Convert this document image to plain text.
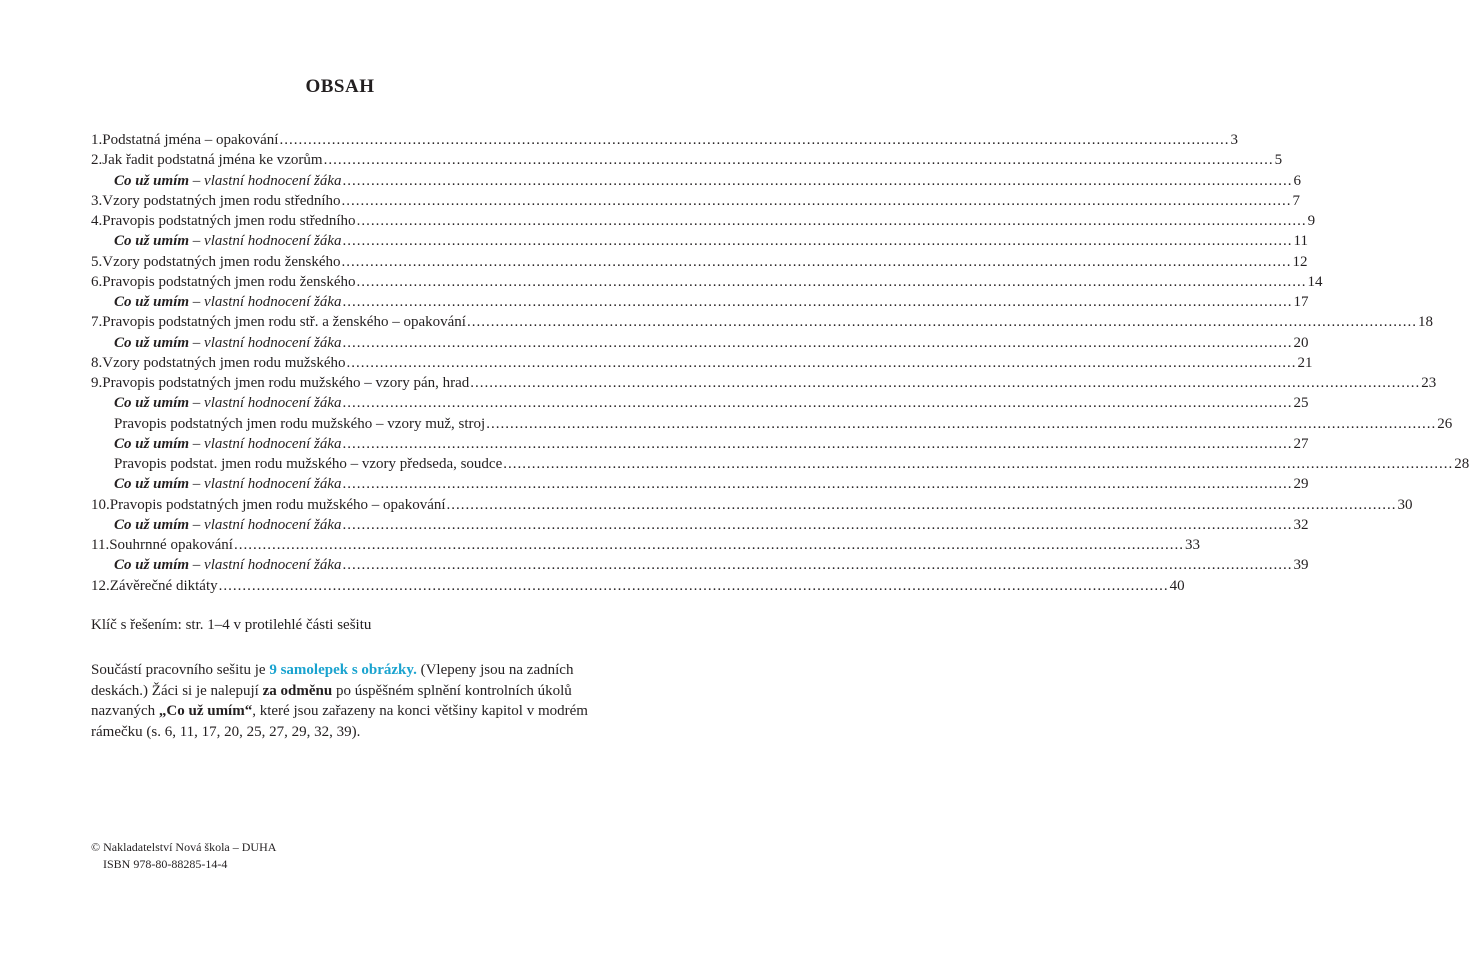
OBSAH
1.Podstatná jména – opakování ........................................................................................................................................................................................................ 3
2.Jak řadit podstatná jména ke vzorům ........................................................................................................................................................................................................ 5
Co už umím – vlastní hodnocení žáka ........................................................................................................................................................................................................ 6
3.Vzory podstatných jmen rodu středního ........................................................................................................................................................................................................ 7
4.Pravopis podstatných jmen rodu středního ........................................................................................................................................................................................................ 9
Co už umím – vlastní hodnocení žáka ........................................................................................................................................................................................................ 11
5.Vzory podstatných jmen rodu ženského ........................................................................................................................................................................................................ 12
6.Pravopis podstatných jmen rodu ženského ........................................................................................................................................................................................................ 14
Co už umím – vlastní hodnocení žáka ........................................................................................................................................................................................................ 17
7.Pravopis podstatných jmen rodu stř. a ženského – opakování ........................................................................................................................................................................................................ 18
Co už umím – vlastní hodnocení žáka ........................................................................................................................................................................................................ 20
8.Vzory podstatných jmen rodu mužského ........................................................................................................................................................................................................ 21
9.Pravopis podstatných jmen rodu mužského – vzory pán, hrad ........................................................................................................................................................................................................ 23
Co už umím – vlastní hodnocení žáka ........................................................................................................................................................................................................ 25
Pravopis podstatných jmen rodu mužského – vzory muž, stroj ........................................................................................................................................................................................................ 26
Co už umím – vlastní hodnocení žáka ........................................................................................................................................................................................................ 27
Pravopis podstat. jmen rodu mužského – vzory předseda, soudce ........................................................................................................................................................................................................ 28
Co už umím – vlastní hodnocení žáka ........................................................................................................................................................................................................ 29
10.Pravopis podstatných jmen rodu mužského – opakování ........................................................................................................................................................................................................ 30
Co už umím – vlastní hodnocení žáka ........................................................................................................................................................................................................ 32
11.Souhrnné opakování ........................................................................................................................................................................................................ 33
Co už umím – vlastní hodnocení žáka ........................................................................................................................................................................................................ 39
12.Závěrečné diktáty ........................................................................................................................................................................................................ 40
Klíč s řešením: str. 1–4 v protilehlé části sešitu
Součástí pracovního sešitu je 9 samolepek s obrázky. (Vlepeny jsou na zadních deskách.) Žáci si je nalepují za odměnu po úspěšném splnění kontrolních úkolů nazvaných „Co už umím“, které jsou zařazeny na konci většiny kapitol v modrém rámečku (s. 6, 11, 17, 20, 25, 27, 29, 32, 39).
© Nakladatelství Nová škola – DUHA
ISBN 978-80-88285-14-4
